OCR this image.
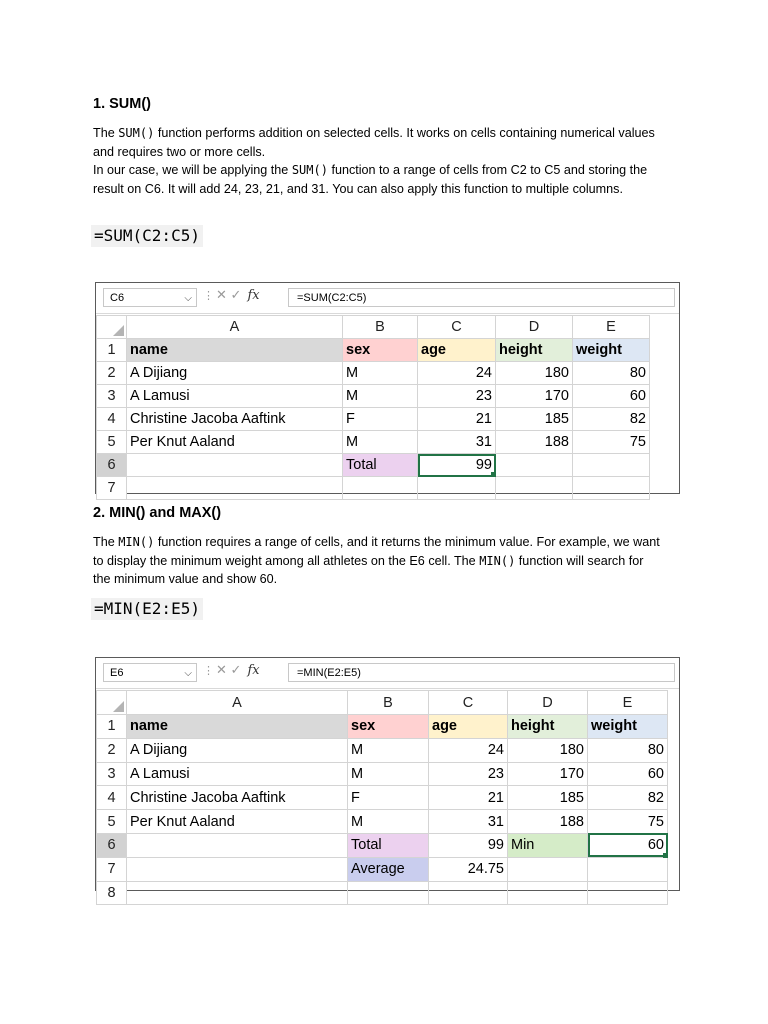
1. SUM()

The SUM() function performs addition on selected cells. It works on cells containing numerical values and requires two or more cells.

In our case, we will be applying the SUM() function to a range of cells from C2 to C5 and storing the result on C6. It will add 24, 23, 21, and 31. You can also apply this function to multiple columns.

=SUM(C2:C5)
C6	⌵ ⋮ ✕ ✓ fx	=SUM(C2:C5)
	A	B	C	D	E
1	name	sex	age	height	weight
2	A Dijiang	M	24	180	80
3	A Lamusi	M	23	170	60
4	Christine Jacoba Aaftink	F	21	185	82
5	Per Knut Aaland	M	31	188	75
6		Total	99		
7					
2. MIN() and MAX()

The MIN() function requires a range of cells, and it returns the minimum value. For example, we want to display the minimum weight among all athletes on the E6 cell. The MIN() function will search for the minimum value and show 60.

=MIN(E2:E5)
E6	⌵ ⋮ ✕ ✓ fx	=MIN(E2:E5)
	A	B	C	D	E
1	name	sex	age	height	weight
2	A Dijiang	M	24	180	80
3	A Lamusi	M	23	170	60
4	Christine Jacoba Aaftink	F	21	185	82
5	Per Knut Aaland	M	31	188	75
6		Total	99	Min	60
7		Average	24.75		
8					
